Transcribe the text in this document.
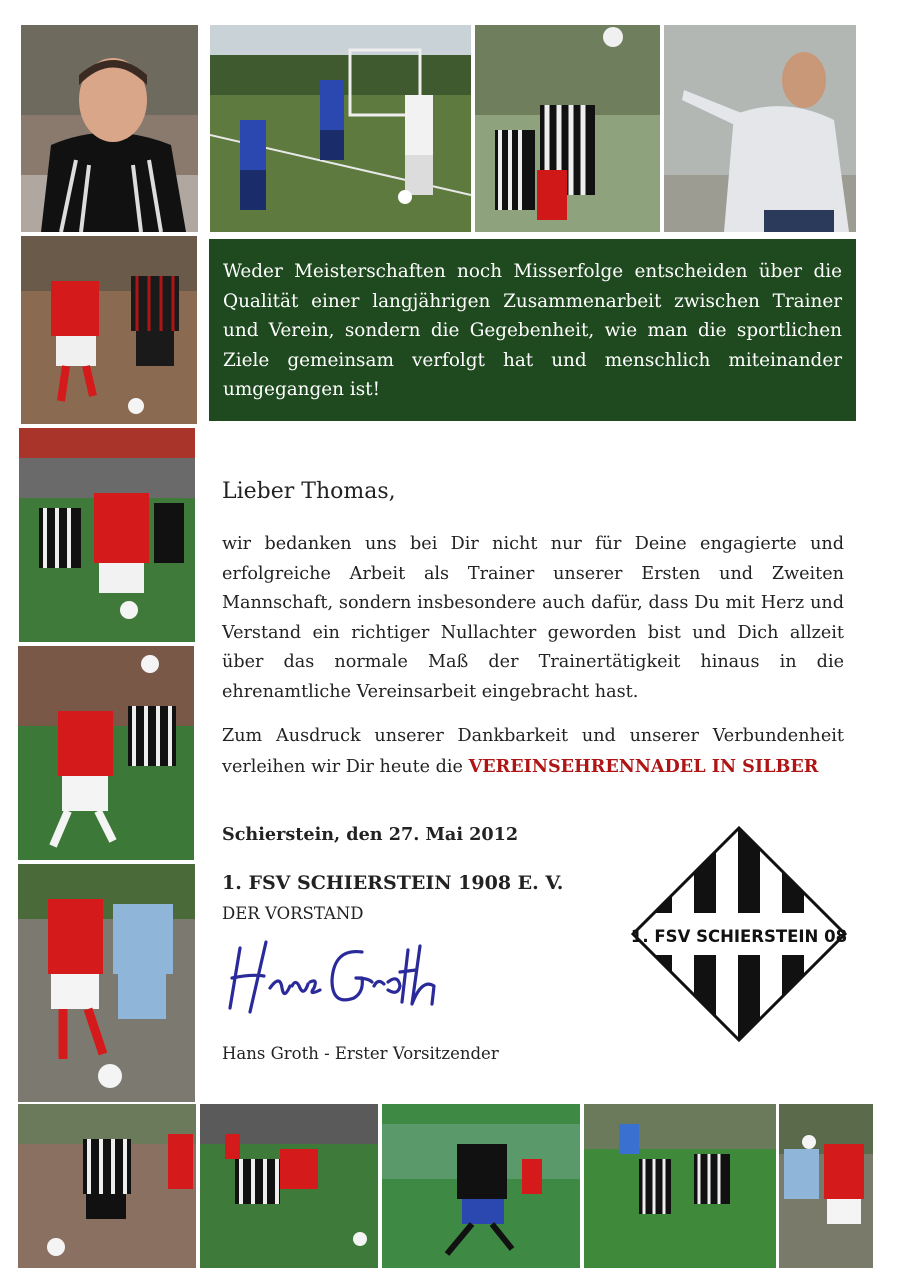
Weder Meisterschaften noch Misserfolge entscheiden über die Qualität einer langjährigen Zusammenarbeit zwischen Trainer und Verein, sondern die Gegebenheit, wie man die sportlichen Ziele gemeinsam verfolgt hat und menschlich miteinander umgegangen ist!

Lieber Thomas,

wir bedanken uns bei Dir nicht nur für Deine engagierte und erfolgreiche Arbeit als Trainer unserer Ersten und Zweiten Mannschaft, sondern insbesondere auch dafür, dass Du mit Herz und Verstand ein richtiger Nullachter geworden bist und Dich allzeit über das normale Maß der Trainertätigkeit hinaus in die ehrenamtliche Vereinsarbeit eingebracht hast.

Zum Ausdruck unserer Dankbarkeit und unserer Verbundenheit verleihen wir Dir heute die VEREINSEHRENNADEL IN SILBER

Schierstein, den 27. Mai 2012
1. FSV SCHIERSTEIN 1908 E. V.
DER VORSTAND
Hans Groth - Erster Vorsitzender
1. FSV SCHIERSTEIN 08
